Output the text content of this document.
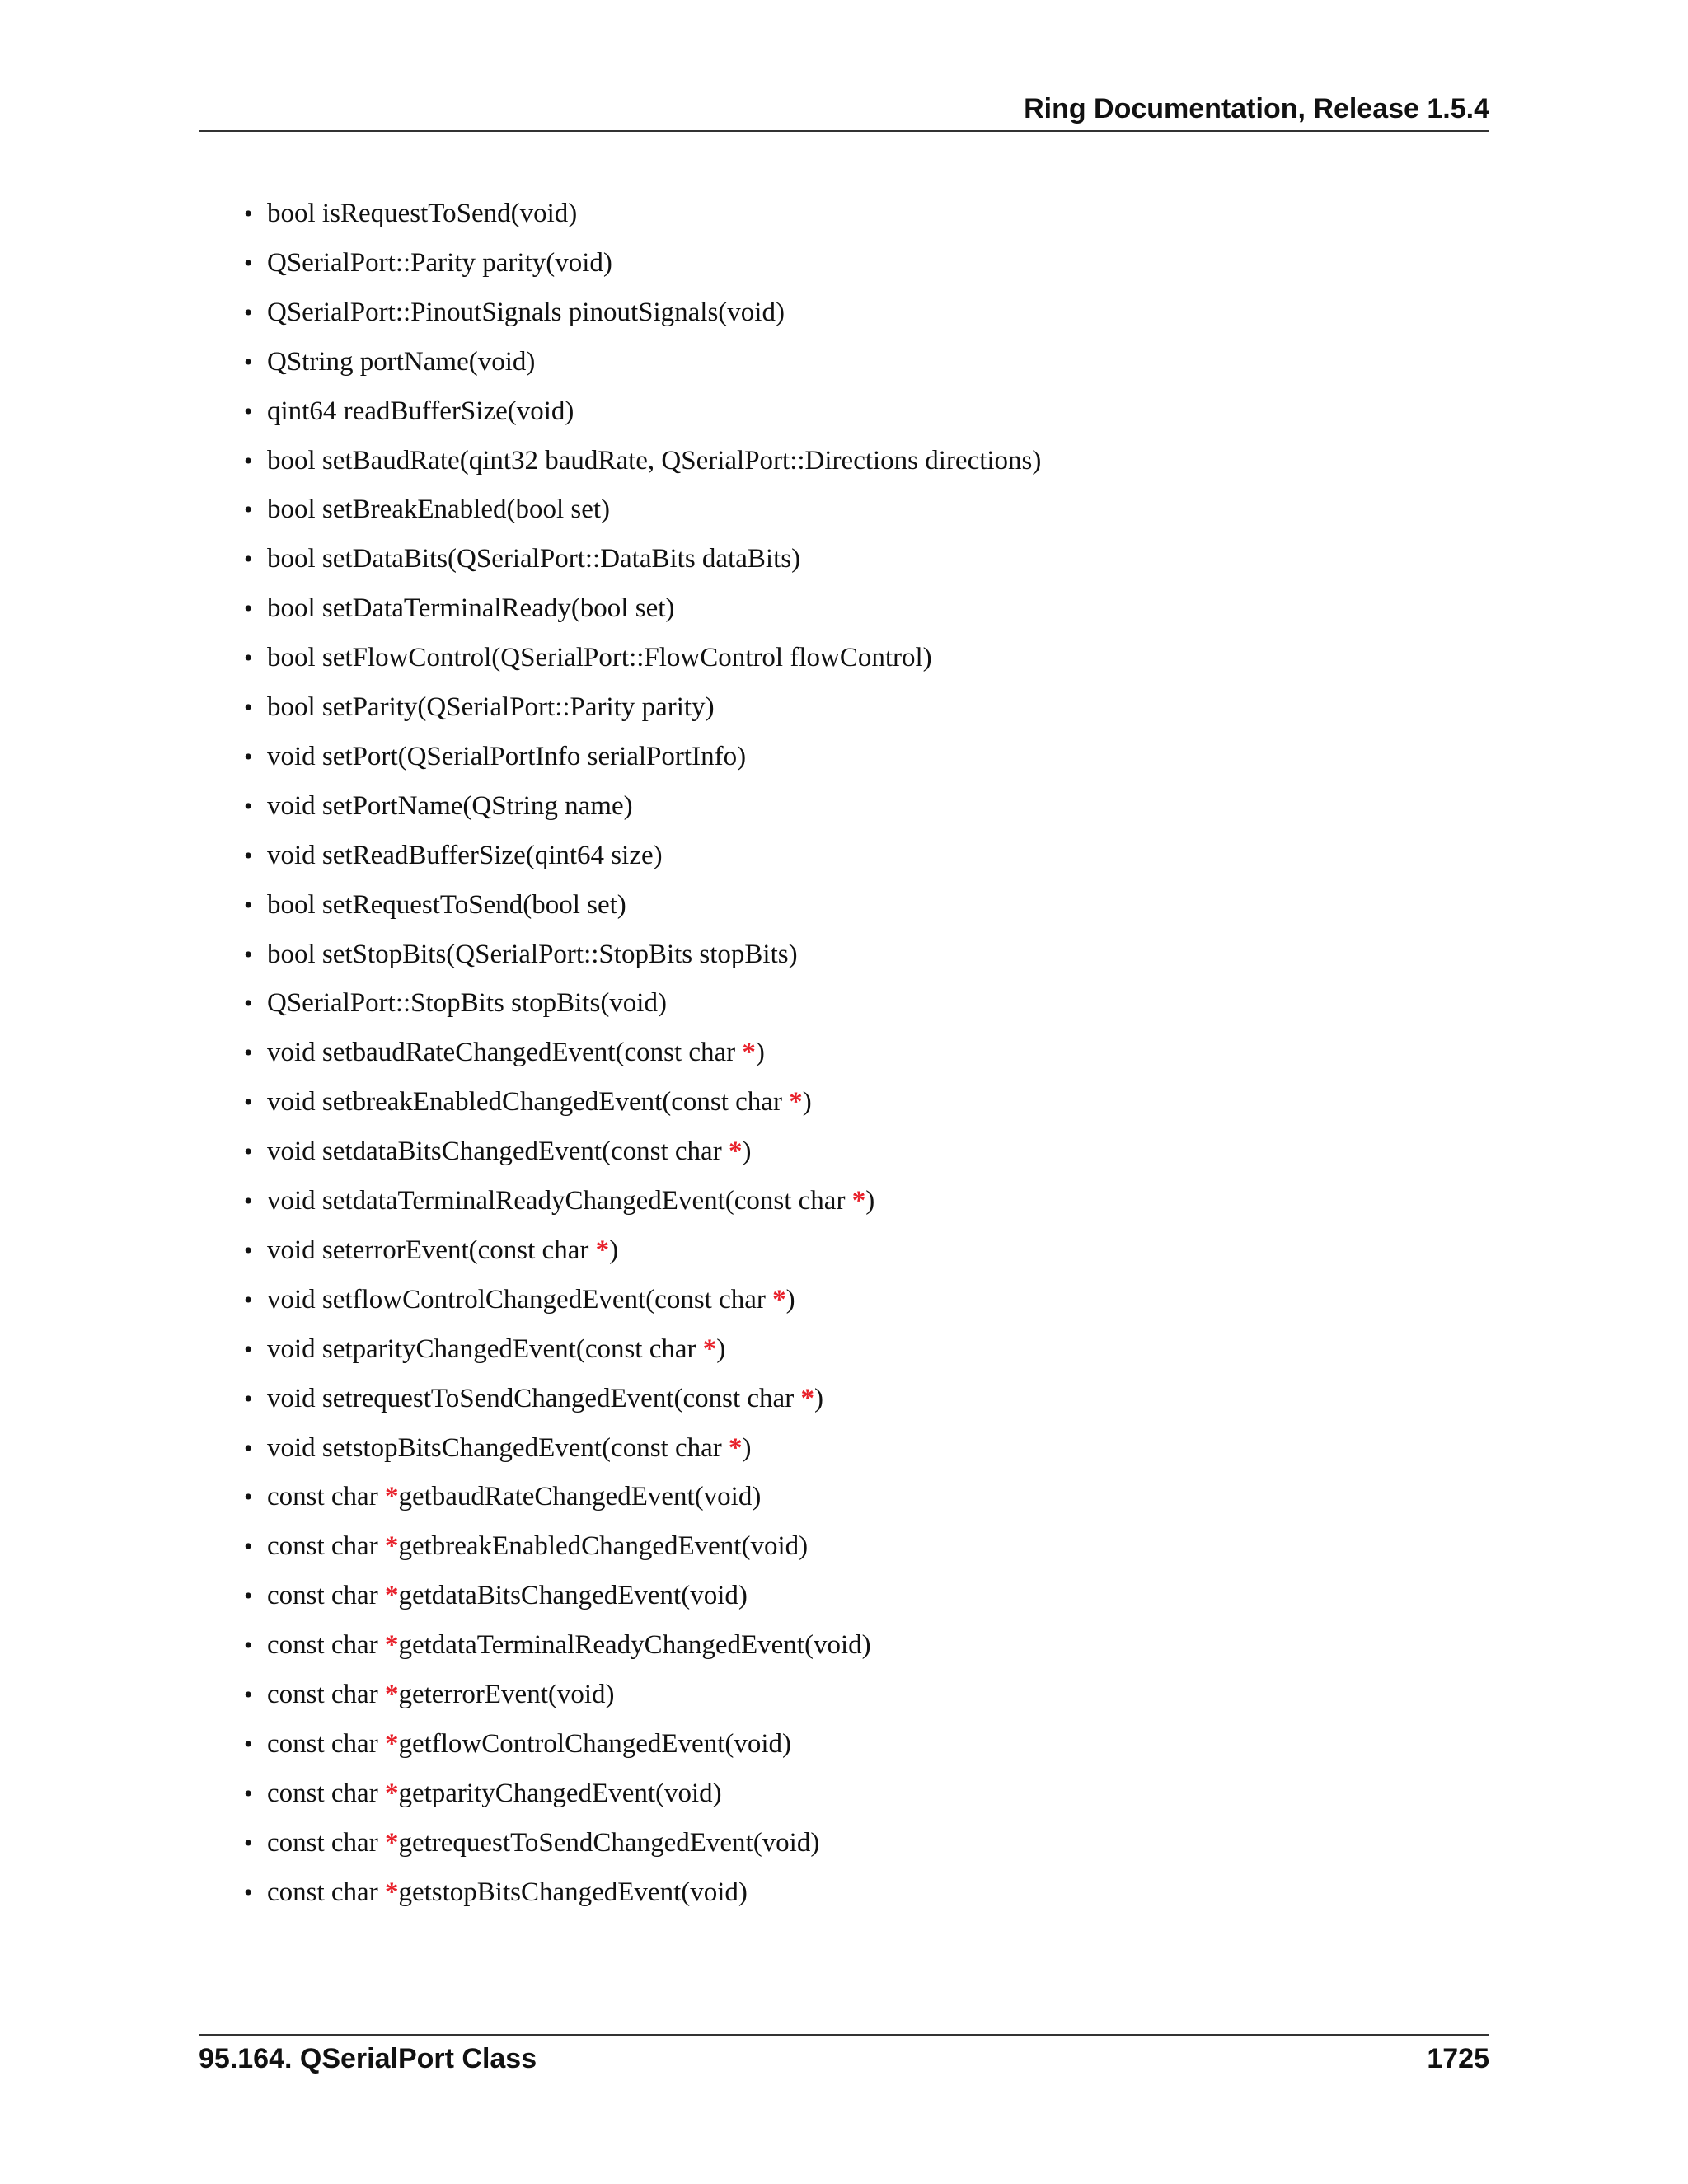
Ring Documentation, Release 1.5.4
• bool isRequestToSend(void)
• QSerialPort::Parity parity(void)
• QSerialPort::PinoutSignals pinoutSignals(void)
• QString portName(void)
• qint64 readBufferSize(void)
• bool setBaudRate(qint32 baudRate, QSerialPort::Directions directions)
• bool setBreakEnabled(bool set)
• bool setDataBits(QSerialPort::DataBits dataBits)
• bool setDataTerminalReady(bool set)
• bool setFlowControl(QSerialPort::FlowControl flowControl)
• bool setParity(QSerialPort::Parity parity)
• void setPort(QSerialPortInfo serialPortInfo)
• void setPortName(QString name)
• void setReadBufferSize(qint64 size)
• bool setRequestToSend(bool set)
• bool setStopBits(QSerialPort::StopBits stopBits)
• QSerialPort::StopBits stopBits(void)
• void setbaudRateChangedEvent(const char *)
• void setbreakEnabledChangedEvent(const char *)
• void setdataBitsChangedEvent(const char *)
• void setdataTerminalReadyChangedEvent(const char *)
• void seterrorEvent(const char *)
• void setflowControlChangedEvent(const char *)
• void setparityChangedEvent(const char *)
• void setrequestToSendChangedEvent(const char *)
• void setstopBitsChangedEvent(const char *)
• const char *getbaudRateChangedEvent(void)
• const char *getbreakEnabledChangedEvent(void)
• const char *getdataBitsChangedEvent(void)
• const char *getdataTerminalReadyChangedEvent(void)
• const char *geterrorEvent(void)
• const char *getflowControlChangedEvent(void)
• const char *getparityChangedEvent(void)
• const char *getrequestToSendChangedEvent(void)
• const char *getstopBitsChangedEvent(void)
95.164. QSerialPort Class	1725
